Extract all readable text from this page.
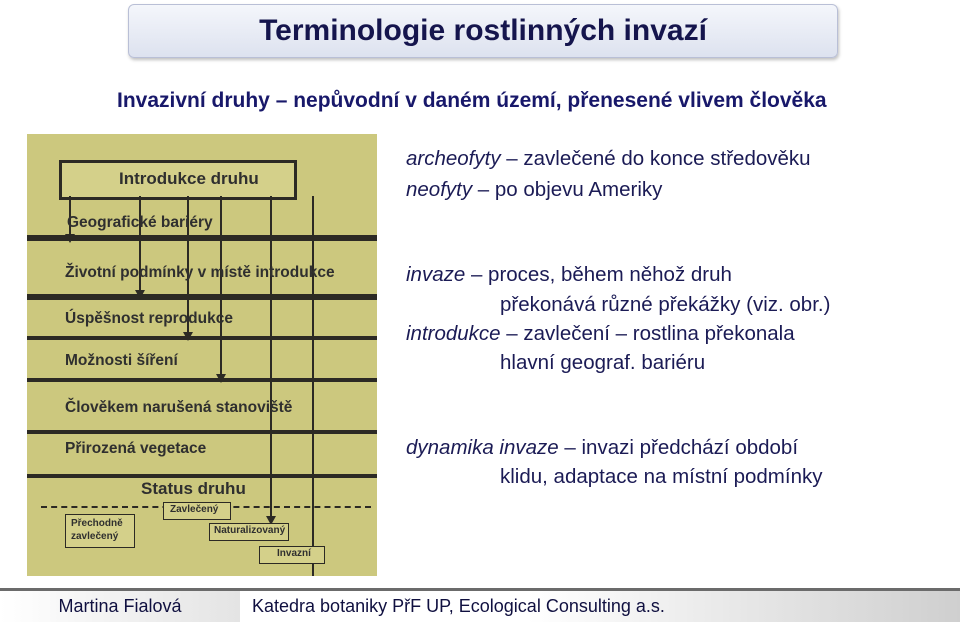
Terminologie rostlinných invazí
Invazivní druhy – nepůvodní v daném území, přenesené vlivem člověka
archeofyty – zavlečené do konce středověku
neofyty – po objevu Ameriky
invaze – proces, během něhož druh
překonává různé překážky (viz. obr.)
introdukce – zavlečení – rostlina překonala
hlavní geograf. bariéru
dynamika invaze – invazi předchází období
klidu, adaptace na místní podmínky
Introdukce druhu
Geografické bariéry
Životní podmínky v místě introdukce
Úspěšnost reprodukce
Možnosti šíření
Člověkem narušená stanoviště
Přirozená vegetace
Status druhu
Přechodně zavlečený
Zavlečený
Naturalizovaný
Invazní
Martina Fialová	Katedra botaniky PřF UP, Ecological Consulting a.s.
